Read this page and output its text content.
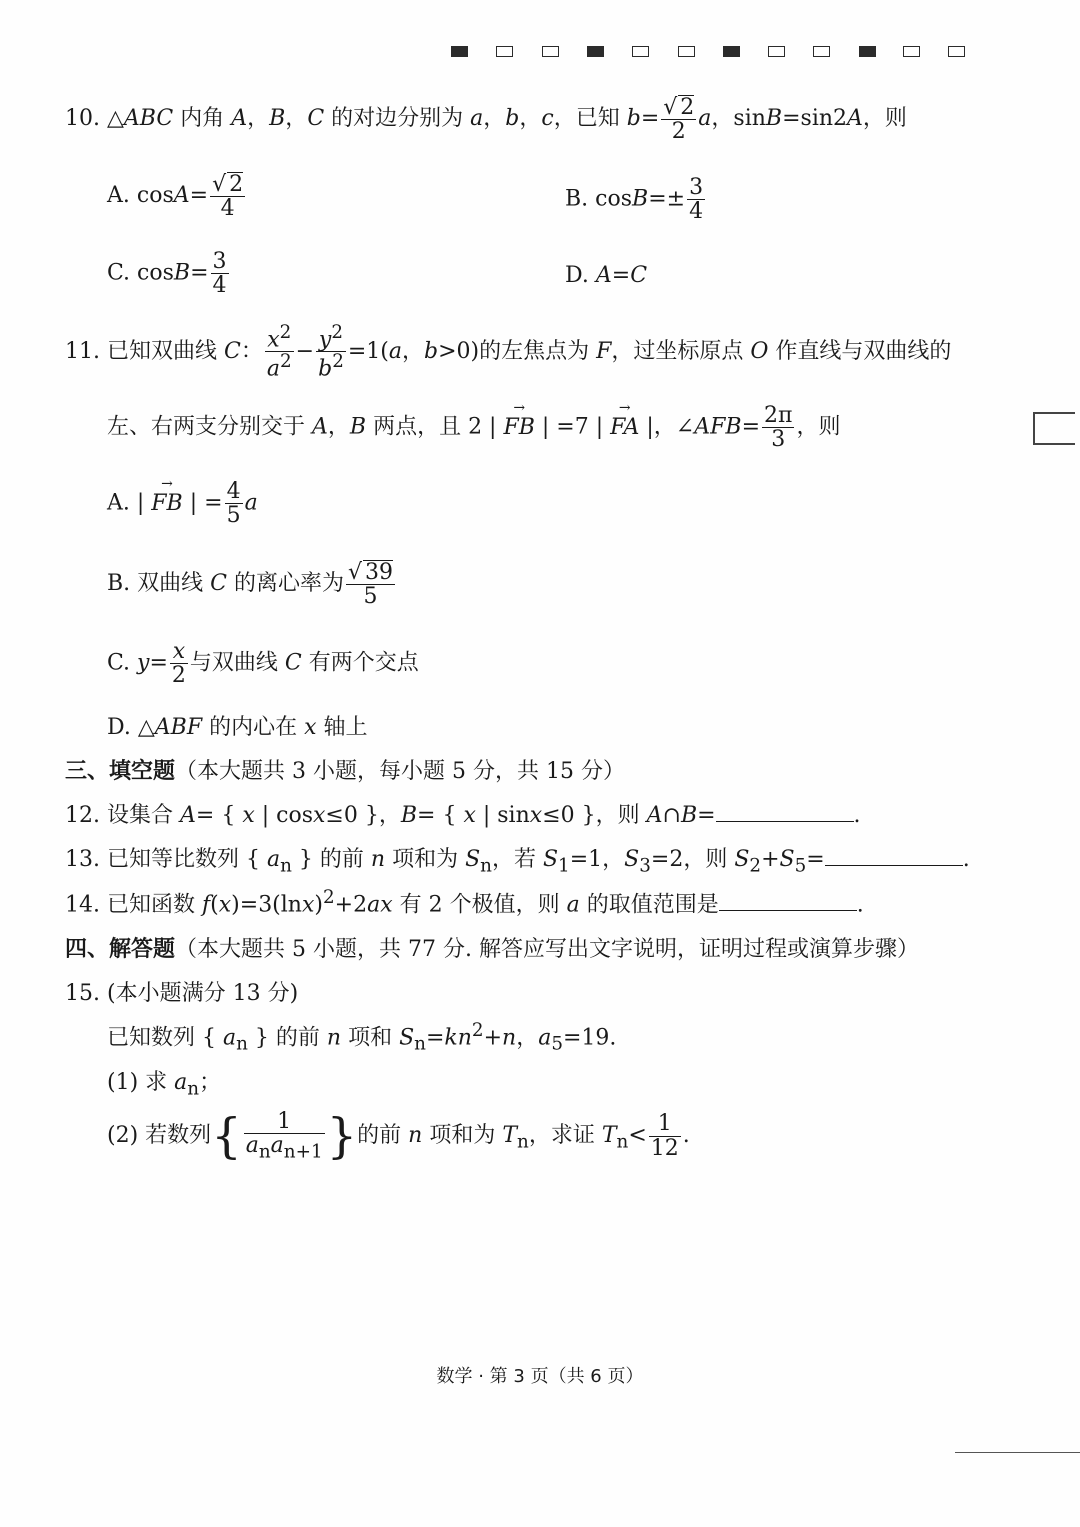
10. △ABC 内角 A，B，C 的对边分别为 a，b，c，已知 $b= \frac{√ 2}{2}$ a，sinB=sin2A，则
A. $\cos A= \frac{√ 2}{4}$	B. $\cos B=\pm \frac{3}{4}$
C. $\cos B= \frac{3}{4}$	D. A=C
11. 已知双曲线 C： $\frac{x^2}{a^2} - \frac{y^2}{b^2} =1(a$，b>0)的左焦点为 F，过坐标原点 O 作直线与双曲线的
左、右两支分别交于 A，B 两点，且 2 | → FB | =7 | → FA |，∠AFB= $\frac{2\pi}{3}$ ，则
A. | → FB | = $\frac{4}{5}$ a
B. 双曲线 C 的离心率为 $\frac{√ 39}{5}$
C. $y= \frac{x}{2}$ 与双曲线 C 有两个交点
D. △ABF 的内心在 x 轴上
三、填空题（本大题共 3 小题，每小题 5 分，共 15 分）
12. 设集合 A= { x | cosx≤0 }，B= { x | sinx≤0 }，则 A∩B=	.
13. 已知等比数列 { $a_n$ } 的前 n 项和为 $S_n$，若 $S_1=1$，$S_3=2$，则 $S_2+S_5=$	.
14. 已知函数 $f(x)=3(\ln x)^2+2ax$ 有 2 个极值，则 a 的取值范围是	.
四、解答题（本大题共 5 小题，共 77 分. 解答应写出文字说明，证明过程或演算步骤）
15. (本小题满分 13 分)
已知数列 { $a_n$ } 的前 n 项和 $S_n=kn^2+n$，$a_5=19$.
(1) 求 $a_n$；
(2) 若数列{ $\frac{1}{a_na_{n+1}}$ }的前 n 项和为 $T_n$，求证 $T_n< \frac{1}{12}$ .
数学 · 第 3 页（共 6 页）
